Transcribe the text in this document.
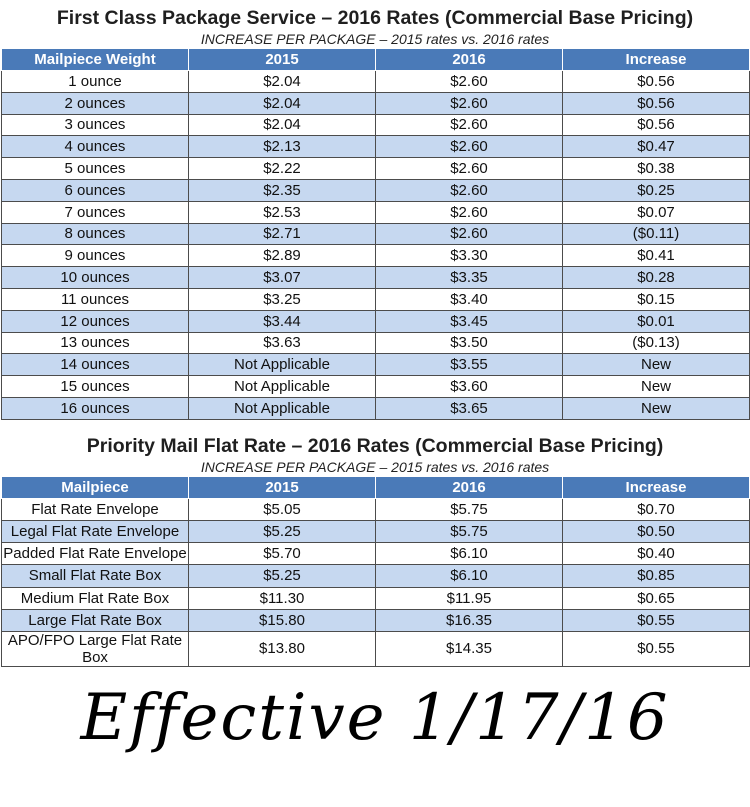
First Class Package Service – 2016 Rates (Commercial Base Pricing)
INCREASE PER PACKAGE – 2015 rates vs. 2016 rates
Mailpiece Weight	2015	2016	Increase
1 ounce	$2.04	$2.60	$0.56
2 ounces	$2.04	$2.60	$0.56
3 ounces	$2.04	$2.60	$0.56
4 ounces	$2.13	$2.60	$0.47
5 ounces	$2.22	$2.60	$0.38
6 ounces	$2.35	$2.60	$0.25
7 ounces	$2.53	$2.60	$0.07
8 ounces	$2.71	$2.60	($0.11)
9 ounces	$2.89	$3.30	$0.41
10 ounces	$3.07	$3.35	$0.28
11 ounces	$3.25	$3.40	$0.15
12 ounces	$3.44	$3.45	$0.01
13 ounces	$3.63	$3.50	($0.13)
14 ounces	Not Applicable	$3.55	New
15 ounces	Not Applicable	$3.60	New
16 ounces	Not Applicable	$3.65	New
Priority Mail Flat Rate – 2016 Rates (Commercial Base Pricing)
INCREASE PER PACKAGE – 2015 rates vs. 2016 rates
Mailpiece	2015	2016	Increase
Flat Rate Envelope	$5.05	$5.75	$0.70
Legal Flat Rate Envelope	$5.25	$5.75	$0.50
Padded Flat Rate Envelope	$5.70	$6.10	$0.40
Small Flat Rate Box	$5.25	$6.10	$0.85
Medium Flat Rate Box	$11.30	$11.95	$0.65
Large Flat Rate Box	$15.80	$16.35	$0.55
APO/FPO Large Flat Rate Box	$13.80	$14.35	$0.55
Effective 1/17/16
